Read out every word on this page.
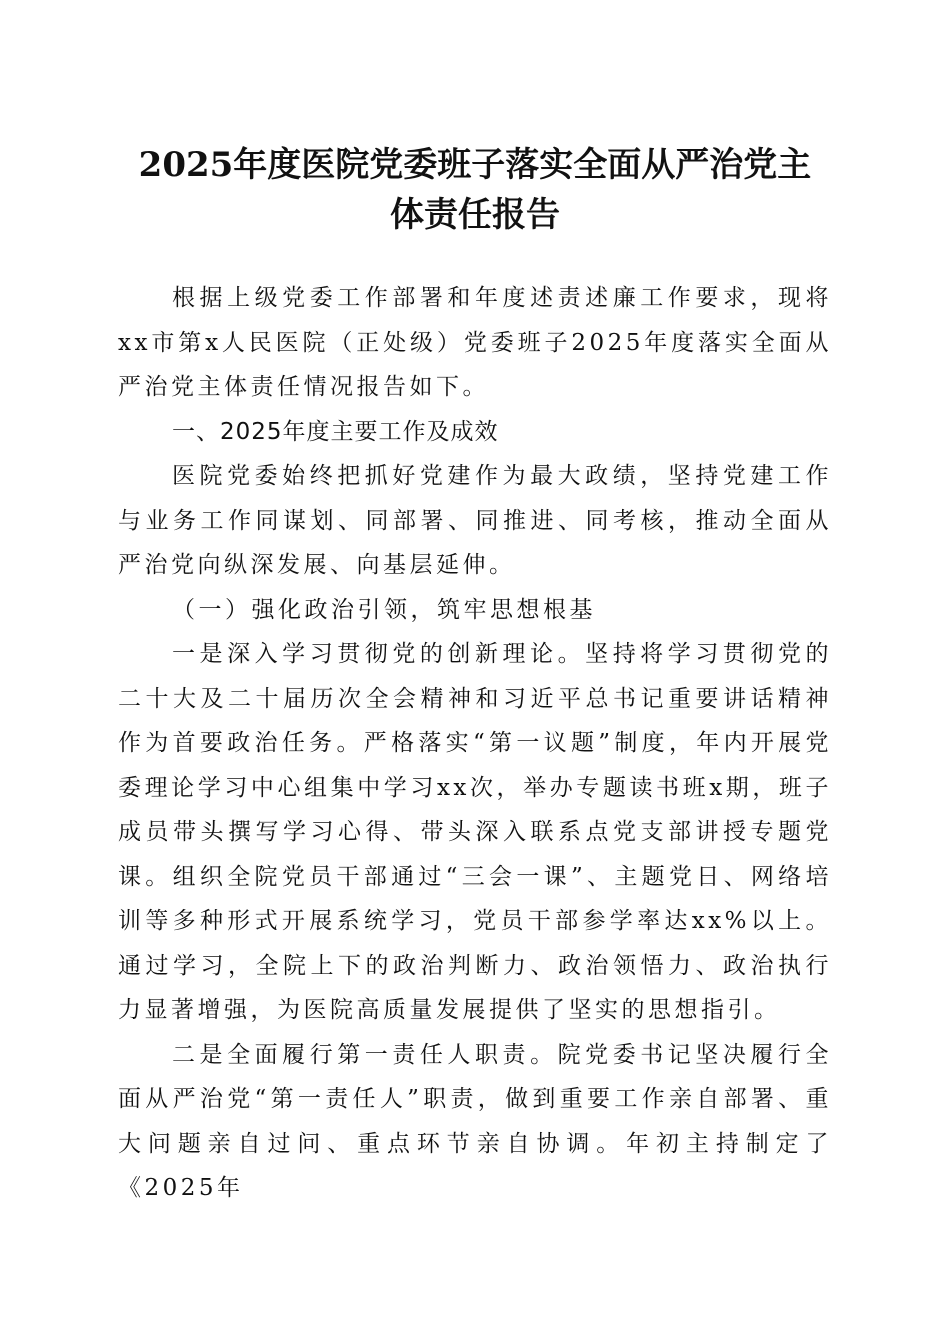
2025年度医院党委班子落实全面从严治党主
体责任报告

根据上级党委工作部署和年度述责述廉工作要求，现将xx市第x人民医院（正处级）党委班子2025年度落实全面从严治党主体责任情况报告如下。

一、2025年度主要工作及成效

医院党委始终把抓好党建作为最大政绩，坚持党建工作与业务工作同谋划、同部署、同推进、同考核，推动全面从严治党向纵深发展、向基层延伸。

（一）强化政治引领，筑牢思想根基

一是深入学习贯彻党的创新理论。坚持将学习贯彻党的二十大及二十届历次全会精神和习近平总书记重要讲话精神作为首要政治任务。严格落实“第一议题”制度，年内开展党委理论学习中心组集中学习xx次，举办专题读书班x期，班子成员带头撰写学习心得、带头深入联系点党支部讲授专题党课。组织全院党员干部通过“三会一课”、主题党日、网络培训等多种形式开展系统学习，党员干部参学率达xx%以上。通过学习，全院上下的政治判断力、政治领悟力、政治执行力显著增强，为医院高质量发展提供了坚实的思想指引。

二是全面履行第一责任人职责。院党委书记坚决履行全面从严治党“第一责任人”职责，做到重要工作亲自部署、重大问题亲自过问、重点环节亲自协调。年初主持制定了《2025年
